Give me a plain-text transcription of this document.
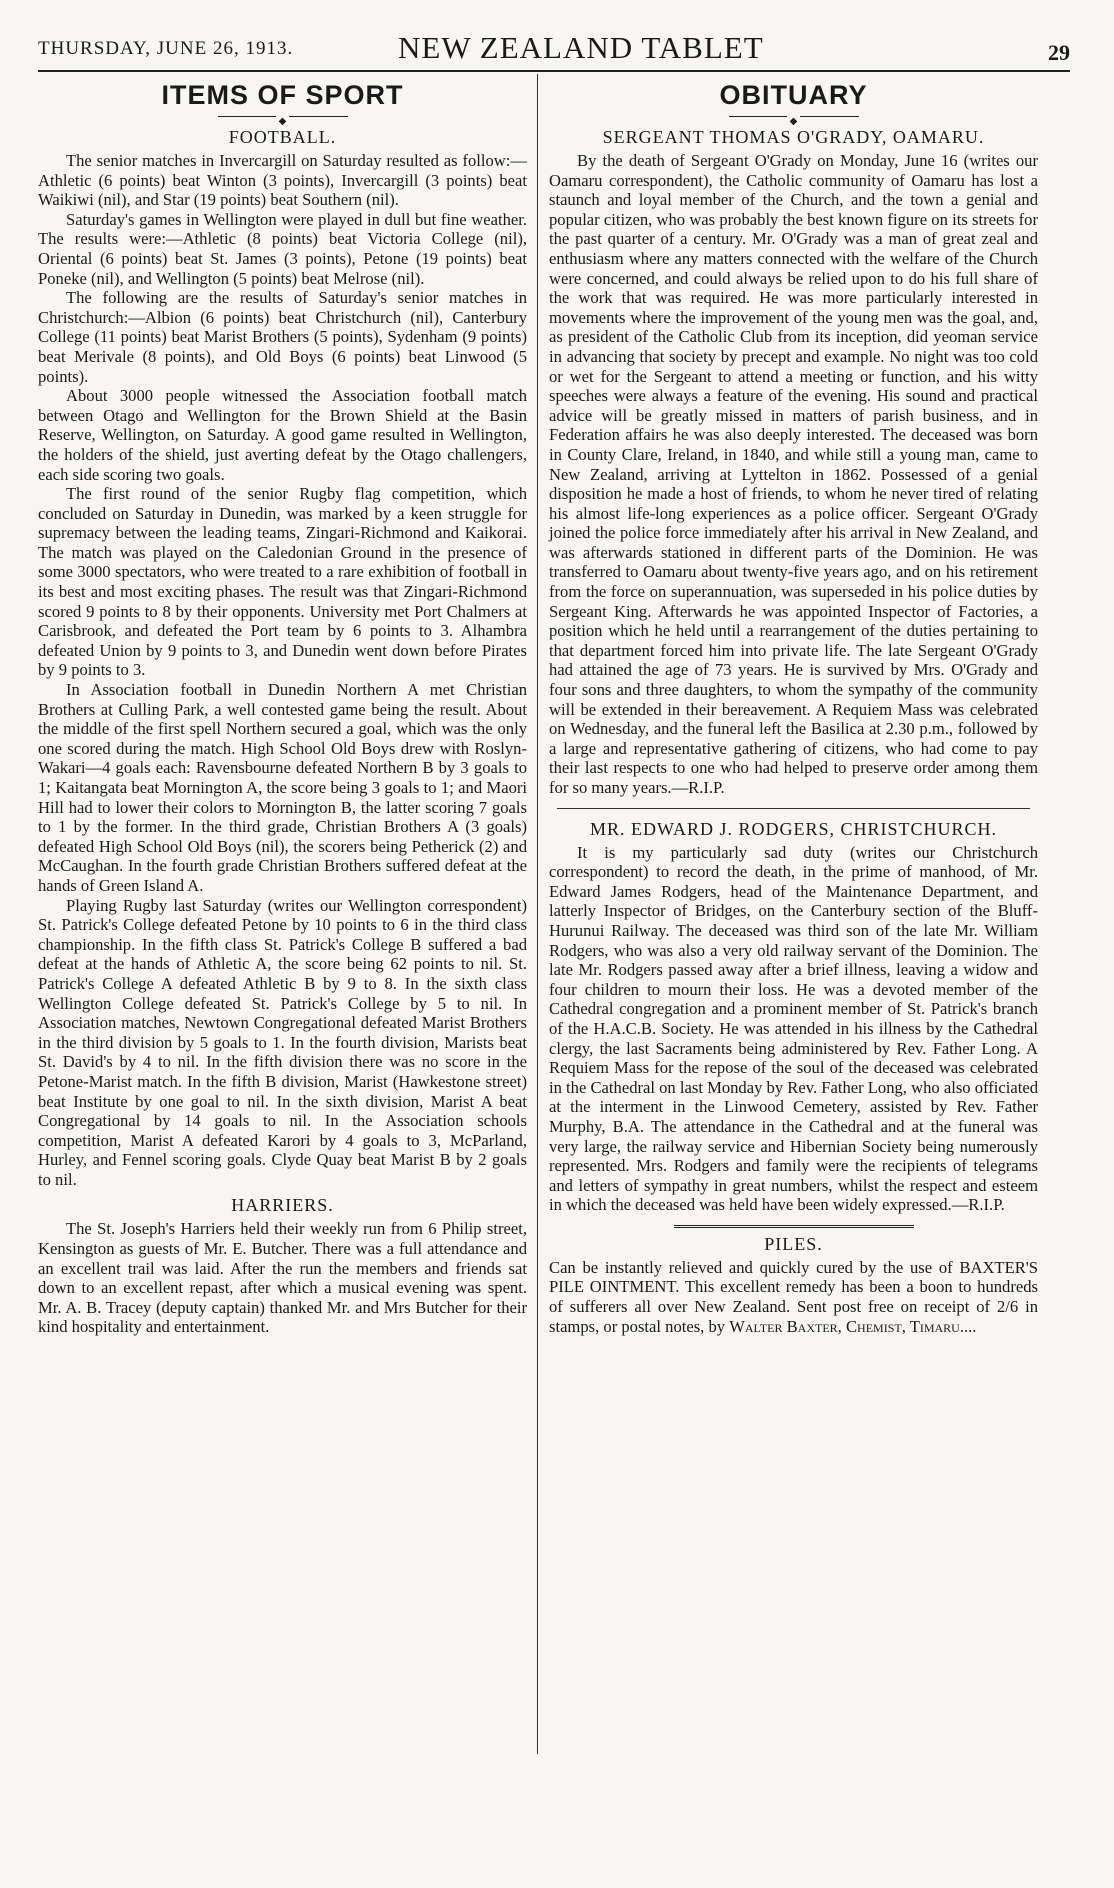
THURSDAY, JUNE 26, 1913.	NEW ZEALAND TABLET	29
ITEMS OF SPORT
◆
FOOTBALL.

The senior matches in Invercargill on Saturday resulted as follow:—Athletic (6 points) beat Winton (3 points), Invercargill (3 points) beat Waikiwi (nil), and Star (19 points) beat Southern (nil).

Saturday's games in Wellington were played in dull but fine weather. The results were:—Athletic (8 points) beat Victoria College (nil), Oriental (6 points) beat St. James (3 points), Petone (19 points) beat Poneke (nil), and Wellington (5 points) beat Melrose (nil).

The following are the results of Saturday's senior matches in Christchurch:—Albion (6 points) beat Christchurch (nil), Canterbury College (11 points) beat Marist Brothers (5 points), Sydenham (9 points) beat Merivale (8 points), and Old Boys (6 points) beat Linwood (5 points).

About 3000 people witnessed the Association football match between Otago and Wellington for the Brown Shield at the Basin Reserve, Wellington, on Saturday. A good game resulted in Wellington, the holders of the shield, just averting defeat by the Otago challengers, each side scoring two goals.

The first round of the senior Rugby flag competition, which concluded on Saturday in Dunedin, was marked by a keen struggle for supremacy between the leading teams, Zingari-Richmond and Kaikorai. The match was played on the Caledonian Ground in the presence of some 3000 spectators, who were treated to a rare exhibition of football in its best and most exciting phases. The result was that Zingari-Richmond scored 9 points to 8 by their opponents. University met Port Chalmers at Carisbrook, and defeated the Port team by 6 points to 3. Alhambra defeated Union by 9 points to 3, and Dunedin went down before Pirates by 9 points to 3.

In Association football in Dunedin Northern A met Christian Brothers at Culling Park, a well contested game being the result. About the middle of the first spell Northern secured a goal, which was the only one scored during the match. High School Old Boys drew with Roslyn-Wakari—4 goals each: Ravensbourne defeated Northern B by 3 goals to 1; Kaitangata beat Mornington A, the score being 3 goals to 1; and Maori Hill had to lower their colors to Mornington B, the latter scoring 7 goals to 1 by the former. In the third grade, Christian Brothers A (3 goals) defeated High School Old Boys (nil), the scorers being Petherick (2) and McCaughan. In the fourth grade Christian Brothers suffered defeat at the hands of Green Island A.

Playing Rugby last Saturday (writes our Wellington correspondent) St. Patrick's College defeated Petone by 10 points to 6 in the third class championship. In the fifth class St. Patrick's College B suffered a bad defeat at the hands of Athletic A, the score being 62 points to nil. St. Patrick's College A defeated Athletic B by 9 to 8. In the sixth class Wellington College defeated St. Patrick's College by 5 to nil. In Association matches, Newtown Congregational defeated Marist Brothers in the third division by 5 goals to 1. In the fourth division, Marists beat St. David's by 4 to nil. In the fifth division there was no score in the Petone-Marist match. In the fifth B division, Marist (Hawkestone street) beat Institute by one goal to nil. In the sixth division, Marist A beat Congregational by 14 goals to nil. In the Association schools competition, Marist A defeated Karori by 4 goals to 3, McParland, Hurley, and Fennel scoring goals. Clyde Quay beat Marist B by 2 goals to nil.

HARRIERS.

The St. Joseph's Harriers held their weekly run from 6 Philip street, Kensington as guests of Mr. E. Butcher. There was a full attendance and an excellent trail was laid. After the run the members and friends sat down to an excellent repast, after which a musical evening was spent. Mr. A. B. Tracey (deputy captain) thanked Mr. and Mrs Butcher for their kind hospitality and entertainment.

OBITUARY
◆
SERGEANT THOMAS O'GRADY, OAMARU.

By the death of Sergeant O'Grady on Monday, June 16 (writes our Oamaru correspondent), the Catholic community of Oamaru has lost a staunch and loyal member of the Church, and the town a genial and popular citizen, who was probably the best known figure on its streets for the past quarter of a century. Mr. O'Grady was a man of great zeal and enthusiasm where any matters connected with the welfare of the Church were concerned, and could always be relied upon to do his full share of the work that was required. He was more particularly interested in movements where the improvement of the young men was the goal, and, as president of the Catholic Club from its inception, did yeoman service in advancing that society by precept and example. No night was too cold or wet for the Sergeant to attend a meeting or function, and his witty speeches were always a feature of the evening. His sound and practical advice will be greatly missed in matters of parish business, and in Federation affairs he was also deeply interested. The deceased was born in County Clare, Ireland, in 1840, and while still a young man, came to New Zealand, arriving at Lyttelton in 1862. Possessed of a genial disposition he made a host of friends, to whom he never tired of relating his almost life-long experiences as a police officer. Sergeant O'Grady joined the police force immediately after his arrival in New Zealand, and was afterwards stationed in different parts of the Dominion. He was transferred to Oamaru about twenty-five years ago, and on his retirement from the force on superannuation, was superseded in his police duties by Sergeant King. Afterwards he was appointed Inspector of Factories, a position which he held until a rearrangement of the duties pertaining to that department forced him into private life. The late Sergeant O'Grady had attained the age of 73 years. He is survived by Mrs. O'Grady and four sons and three daughters, to whom the sympathy of the community will be extended in their bereavement. A Requiem Mass was celebrated on Wednesday, and the funeral left the Basilica at 2.30 p.m., followed by a large and representative gathering of citizens, who had come to pay their last respects to one who had helped to preserve order among them for so many years.—R.I.P.

MR. EDWARD J. RODGERS, CHRISTCHURCH.

It is my particularly sad duty (writes our Christchurch correspondent) to record the death, in the prime of manhood, of Mr. Edward James Rodgers, head of the Maintenance Department, and latterly Inspector of Bridges, on the Canterbury section of the Bluff-Hurunui Railway. The deceased was third son of the late Mr. William Rodgers, who was also a very old railway servant of the Dominion. The late Mr. Rodgers passed away after a brief illness, leaving a widow and four children to mourn their loss. He was a devoted member of the Cathedral congregation and a prominent member of St. Patrick's branch of the H.A.C.B. Society. He was attended in his illness by the Cathedral clergy, the last Sacraments being administered by Rev. Father Long. A Requiem Mass for the repose of the soul of the deceased was celebrated in the Cathedral on last Monday by Rev. Father Long, who also officiated at the interment in the Linwood Cemetery, assisted by Rev. Father Murphy, B.A. The attendance in the Cathedral and at the funeral was very large, the railway service and Hibernian Society being numerously represented. Mrs. Rodgers and family were the recipients of telegrams and letters of sympathy in great numbers, whilst the respect and esteem in which the deceased was held have been widely expressed.—R.I.P.

PILES.

Can be instantly relieved and quickly cured by the use of BAXTER'S PILE OINTMENT. This excellent remedy has been a boon to hundreds of sufferers all over New Zealand. Sent post free on receipt of 2/6 in stamps, or postal notes, by Walter Baxter, Chemist, Timaru....
